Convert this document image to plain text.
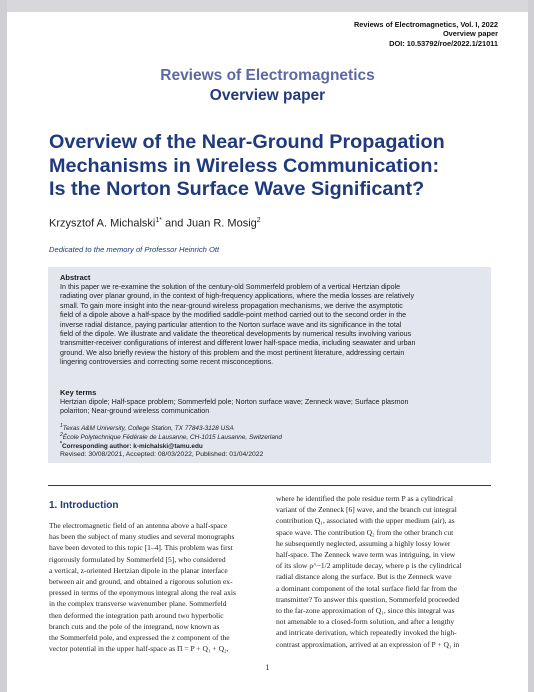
Reviews of Electromagnetics, Vol. I, 2022
Overview paper
DOI: 10.53792/roe/2022.1/21011
Reviews of Electromagnetics
Overview paper
Overview of the Near-Ground Propagation
Mechanisms in Wireless Communication:
Is the Norton Surface Wave Significant?
Krzysztof A. Michalski$^{1*}$ and Juan R. Mosig$^2$
Dedicated to the memory of Professor Heinrich Ott
Abstract
In this paper we re-examine the solution of the century-old Sommerfeld problem of a vertical Hertzian dipole
radiating over planar ground, in the context of high-frequency applications, where the media losses are relatively
small. To gain more insight into the near-ground wireless propagation mechanisms, we derive the asymptotic
field of a dipole above a half-space by the modified saddle-point method carried out to the second order in the
inverse radial distance, paying particular attention to the Norton surface wave and its significance in the total
field of the dipole. We illustrate and validate the theoretical developments by numerical results involving various
transmitter-receiver configurations of interest and different lower half-space media, including seawater and urban
ground. We also briefly review the history of this problem and the most pertinent literature, addressing certain
lingering controversies and correcting some recent misconceptions.
Key terms
Hertzian dipole; Half-space problem; Sommerfeld pole; Norton surface wave; Zenneck wave; Surface plasmon
polariton; Near-ground wireless communication
$^1$Texas A&M University, College Station, TX 77843-3128 USA
$^2$École Polytechnique Fédérale de Lausanne, CH-1015 Lausanne, Switzerland
*Corresponding author: k-michalski@tamu.edu
Revised: 30/08/2021, Accepted: 08/03/2022, Published: 01/04/2022
1. Introduction
The electromagnetic field of an antenna above a half-space
has been the subject of many studies and several monographs
have been devoted to this topic [1–4]. This problem was first
rigorously formulated by Sommerfeld [5], who considered
a vertical, z-oriented Hertzian dipole in the planar interface
between air and ground, and obtained a rigorous solution ex-
pressed in terms of the eponymous integral along the real axis
in the complex transverse wavenumber plane. Sommerfeld
then deformed the integration path around two hyperbolic
branch cuts and the pole of the integrand, now known as
the Sommerfeld pole, and expressed the z component of the
vector potential in the upper half-space as Π = P + Q₁ + Q₂,
where he identified the pole residue term P as a cylindrical
variant of the Zenneck [6] wave, and the branch cut integral
contribution Q₁, associated with the upper medium (air), as
space wave. The contribution Q₂ from the other branch cut
he subsequently neglected, assuming a highly lossy lower
half-space. The Zenneck wave term was intriguing, in view
of its slow ρ^−1/2 amplitude decay, where ρ is the cylindrical
radial distance along the surface. But is the Zenneck wave
a dominant component of the total surface field far from the
transmitter? To answer this question, Sommerfeld proceeded
to the far-zone approximation of Q₁, since this integral was
not amenable to a closed-form solution, and after a lengthy
and intricate derivation, which repeatedly invoked the high-
contrast approximation, arrived at an expression of P + Q₁ in
1
